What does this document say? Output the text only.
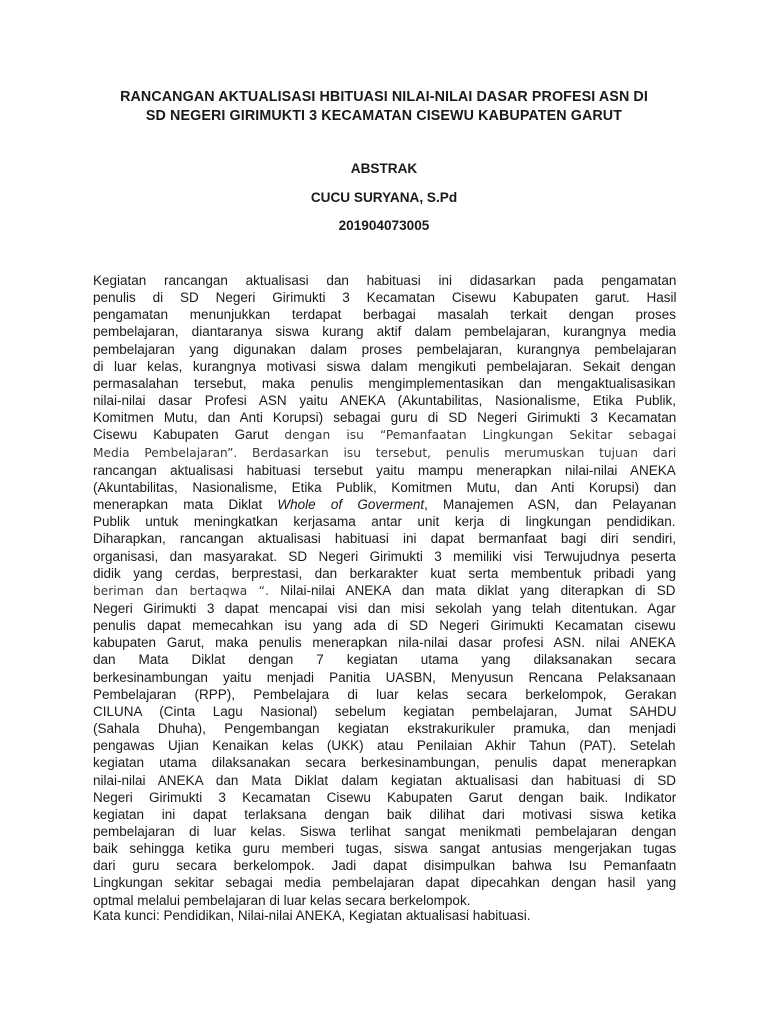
RANCANGAN AKTUALISASI HBITUASI NILAI-NILAI DASAR PROFESI ASN DI
SD NEGERI GIRIMUKTI 3 KECAMATAN CISEWU KABUPATEN GARUT
ABSTRAK
CUCU SURYANA, S.Pd
201904073005
Kegiatan rancangan aktualisasi dan habituasi ini didasarkan pada pengamatan
penulis di SD Negeri Girimukti 3 Kecamatan Cisewu Kabupaten garut. Hasil
pengamatan menunjukkan terdapat berbagai masalah terkait dengan proses
pembelajaran, diantaranya siswa kurang aktif dalam pembelajaran, kurangnya media
pembelajaran yang digunakan dalam proses pembelajaran, kurangnya pembelajaran
di luar kelas, kurangnya motivasi siswa dalam mengikuti pembelajaran. Sekait dengan
permasalahan tersebut, maka penulis mengimplementasikan dan mengaktualisasikan
nilai-nilai dasar Profesi ASN yaitu ANEKA (Akuntabilitas, Nasionalisme, Etika Publik,
Komitmen Mutu, dan Anti Korupsi) sebagai guru di SD Negeri Girimukti 3 Kecamatan
Cisewu Kabupaten Garut dengan isu “Pemanfaatan Lingkungan Sekitar sebagai
Media Pembelajaran”. Berdasarkan isu tersebut, penulis merumuskan tujuan dari
rancangan aktualisasi habituasi tersebut yaitu mampu menerapkan nilai-nilai ANEKA
(Akuntabilitas, Nasionalisme, Etika Publik, Komitmen Mutu, dan Anti Korupsi) dan
menerapkan mata Diklat Whole of Goverment, Manajemen ASN, dan Pelayanan
Publik untuk meningkatkan kerjasama antar unit kerja di lingkungan pendidikan.
Diharapkan, rancangan aktualisasi habituasi ini dapat bermanfaat bagi diri sendiri,
organisasi, dan masyarakat. SD Negeri Girimukti 3 memiliki visi Terwujudnya peserta
didik yang cerdas, berprestasi, dan berkarakter kuat serta membentuk pribadi yang
beriman dan bertaqwa “. Nilai-nilai ANEKA dan mata diklat yang diterapkan di SD
Negeri Girimukti 3 dapat mencapai visi dan misi sekolah yang telah ditentukan. Agar
penulis dapat memecahkan isu yang ada di SD Negeri Girimukti Kecamatan cisewu
kabupaten Garut, maka penulis menerapkan nila-nilai dasar profesi ASN. nilai ANEKA
dan Mata Diklat dengan 7 kegiatan utama yang dilaksanakan secara
berkesinambungan yaitu menjadi Panitia UASBN, Menyusun Rencana Pelaksanaan
Pembelajaran (RPP), Pembelajara di luar kelas secara berkelompok, Gerakan
CILUNA (Cinta Lagu Nasional) sebelum kegiatan pembelajaran, Jumat SAHDU
(Sahala Dhuha), Pengembangan kegiatan ekstrakurikuler pramuka, dan menjadi
pengawas Ujian Kenaikan kelas (UKK) atau Penilaian Akhir Tahun (PAT). Setelah
kegiatan utama dilaksanakan secara berkesinambungan, penulis dapat menerapkan
nilai-nilai ANEKA dan Mata Diklat dalam kegiatan aktualisasi dan habituasi di SD
Negeri Girimukti 3 Kecamatan Cisewu Kabupaten Garut dengan baik. Indikator
kegiatan ini dapat terlaksana dengan baik dilihat dari motivasi siswa ketika
pembelajaran di luar kelas. Siswa terlihat sangat menikmati pembelajaran dengan
baik sehingga ketika guru memberi tugas, siswa sangat antusias mengerjakan tugas
dari guru secara berkelompok. Jadi dapat disimpulkan bahwa Isu Pemanfaatn
Lingkungan sekitar sebagai media pembelajaran dapat dipecahkan dengan hasil yang
optmal melalui pembelajaran di luar kelas secara berkelompok.
Kata kunci: Pendidikan, Nilai-nilai ANEKA, Kegiatan aktualisasi habituasi.
